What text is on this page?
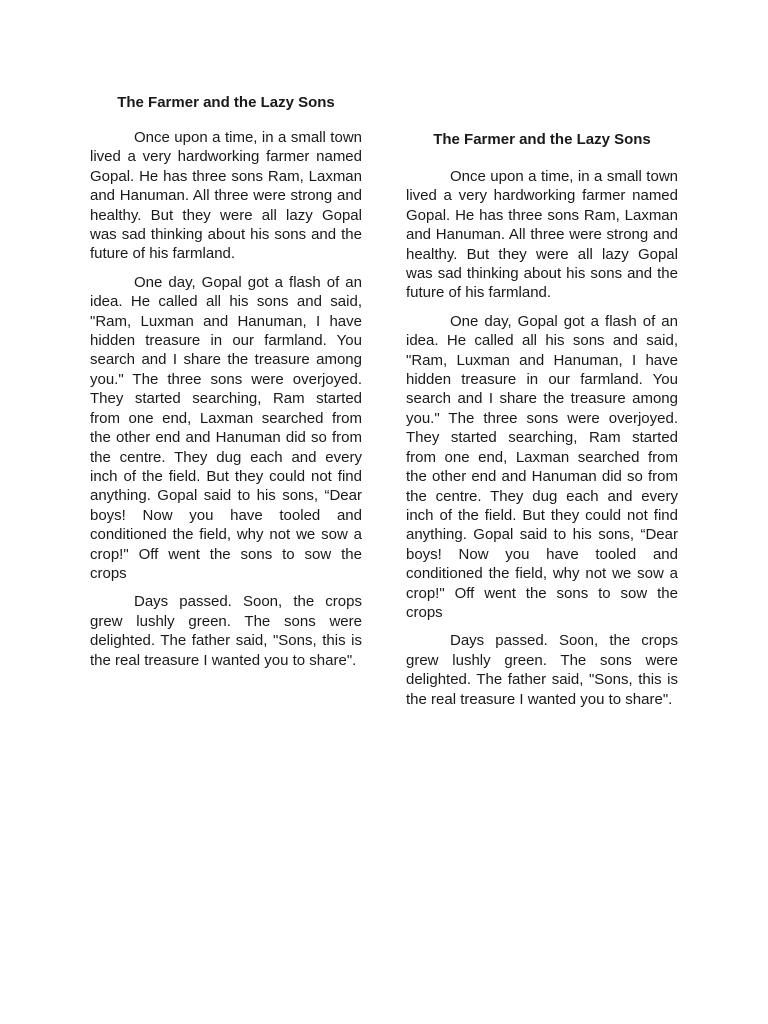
The Farmer and the Lazy Sons

Once upon a time, in a small town lived a very hardworking farmer named Gopal. He has three sons Ram, Laxman and Hanuman. All three were strong and healthy. But they were all lazy Gopal was sad thinking about his sons and the future of his farmland.

One day, Gopal got a flash of an idea. He called all his sons and said, "Ram, Luxman and Hanuman, I have hidden treasure in our farmland. You search and I share the treasure among you." The three sons were overjoyed. They started searching, Ram started from one end, Laxman searched from the other end and Hanuman did so from the centre. They dug each and every inch of the field. But they could not find anything. Gopal said to his sons, “Dear boys! Now you have tooled and conditioned the field, why not we sow a crop!" Off went the sons to sow the crops

Days passed. Soon, the crops grew lushly green. The sons were delighted. The father said, "Sons, this is the real treasure I wanted you to share".

The Farmer and the Lazy Sons

Once upon a time, in a small town lived a very hardworking farmer named Gopal. He has three sons Ram, Laxman and Hanuman. All three were strong and healthy. But they were all lazy Gopal was sad thinking about his sons and the future of his farmland.

One day, Gopal got a flash of an idea. He called all his sons and said, "Ram, Luxman and Hanuman, I have hidden treasure in our farmland. You search and I share the treasure among you." The three sons were overjoyed. They started searching, Ram started from one end, Laxman searched from the other end and Hanuman did so from the centre. They dug each and every inch of the field. But they could not find anything. Gopal said to his sons, “Dear boys! Now you have tooled and conditioned the field, why not we sow a crop!" Off went the sons to sow the crops

Days passed. Soon, the crops grew lushly green. The sons were delighted. The father said, "Sons, this is the real treasure I wanted you to share".
